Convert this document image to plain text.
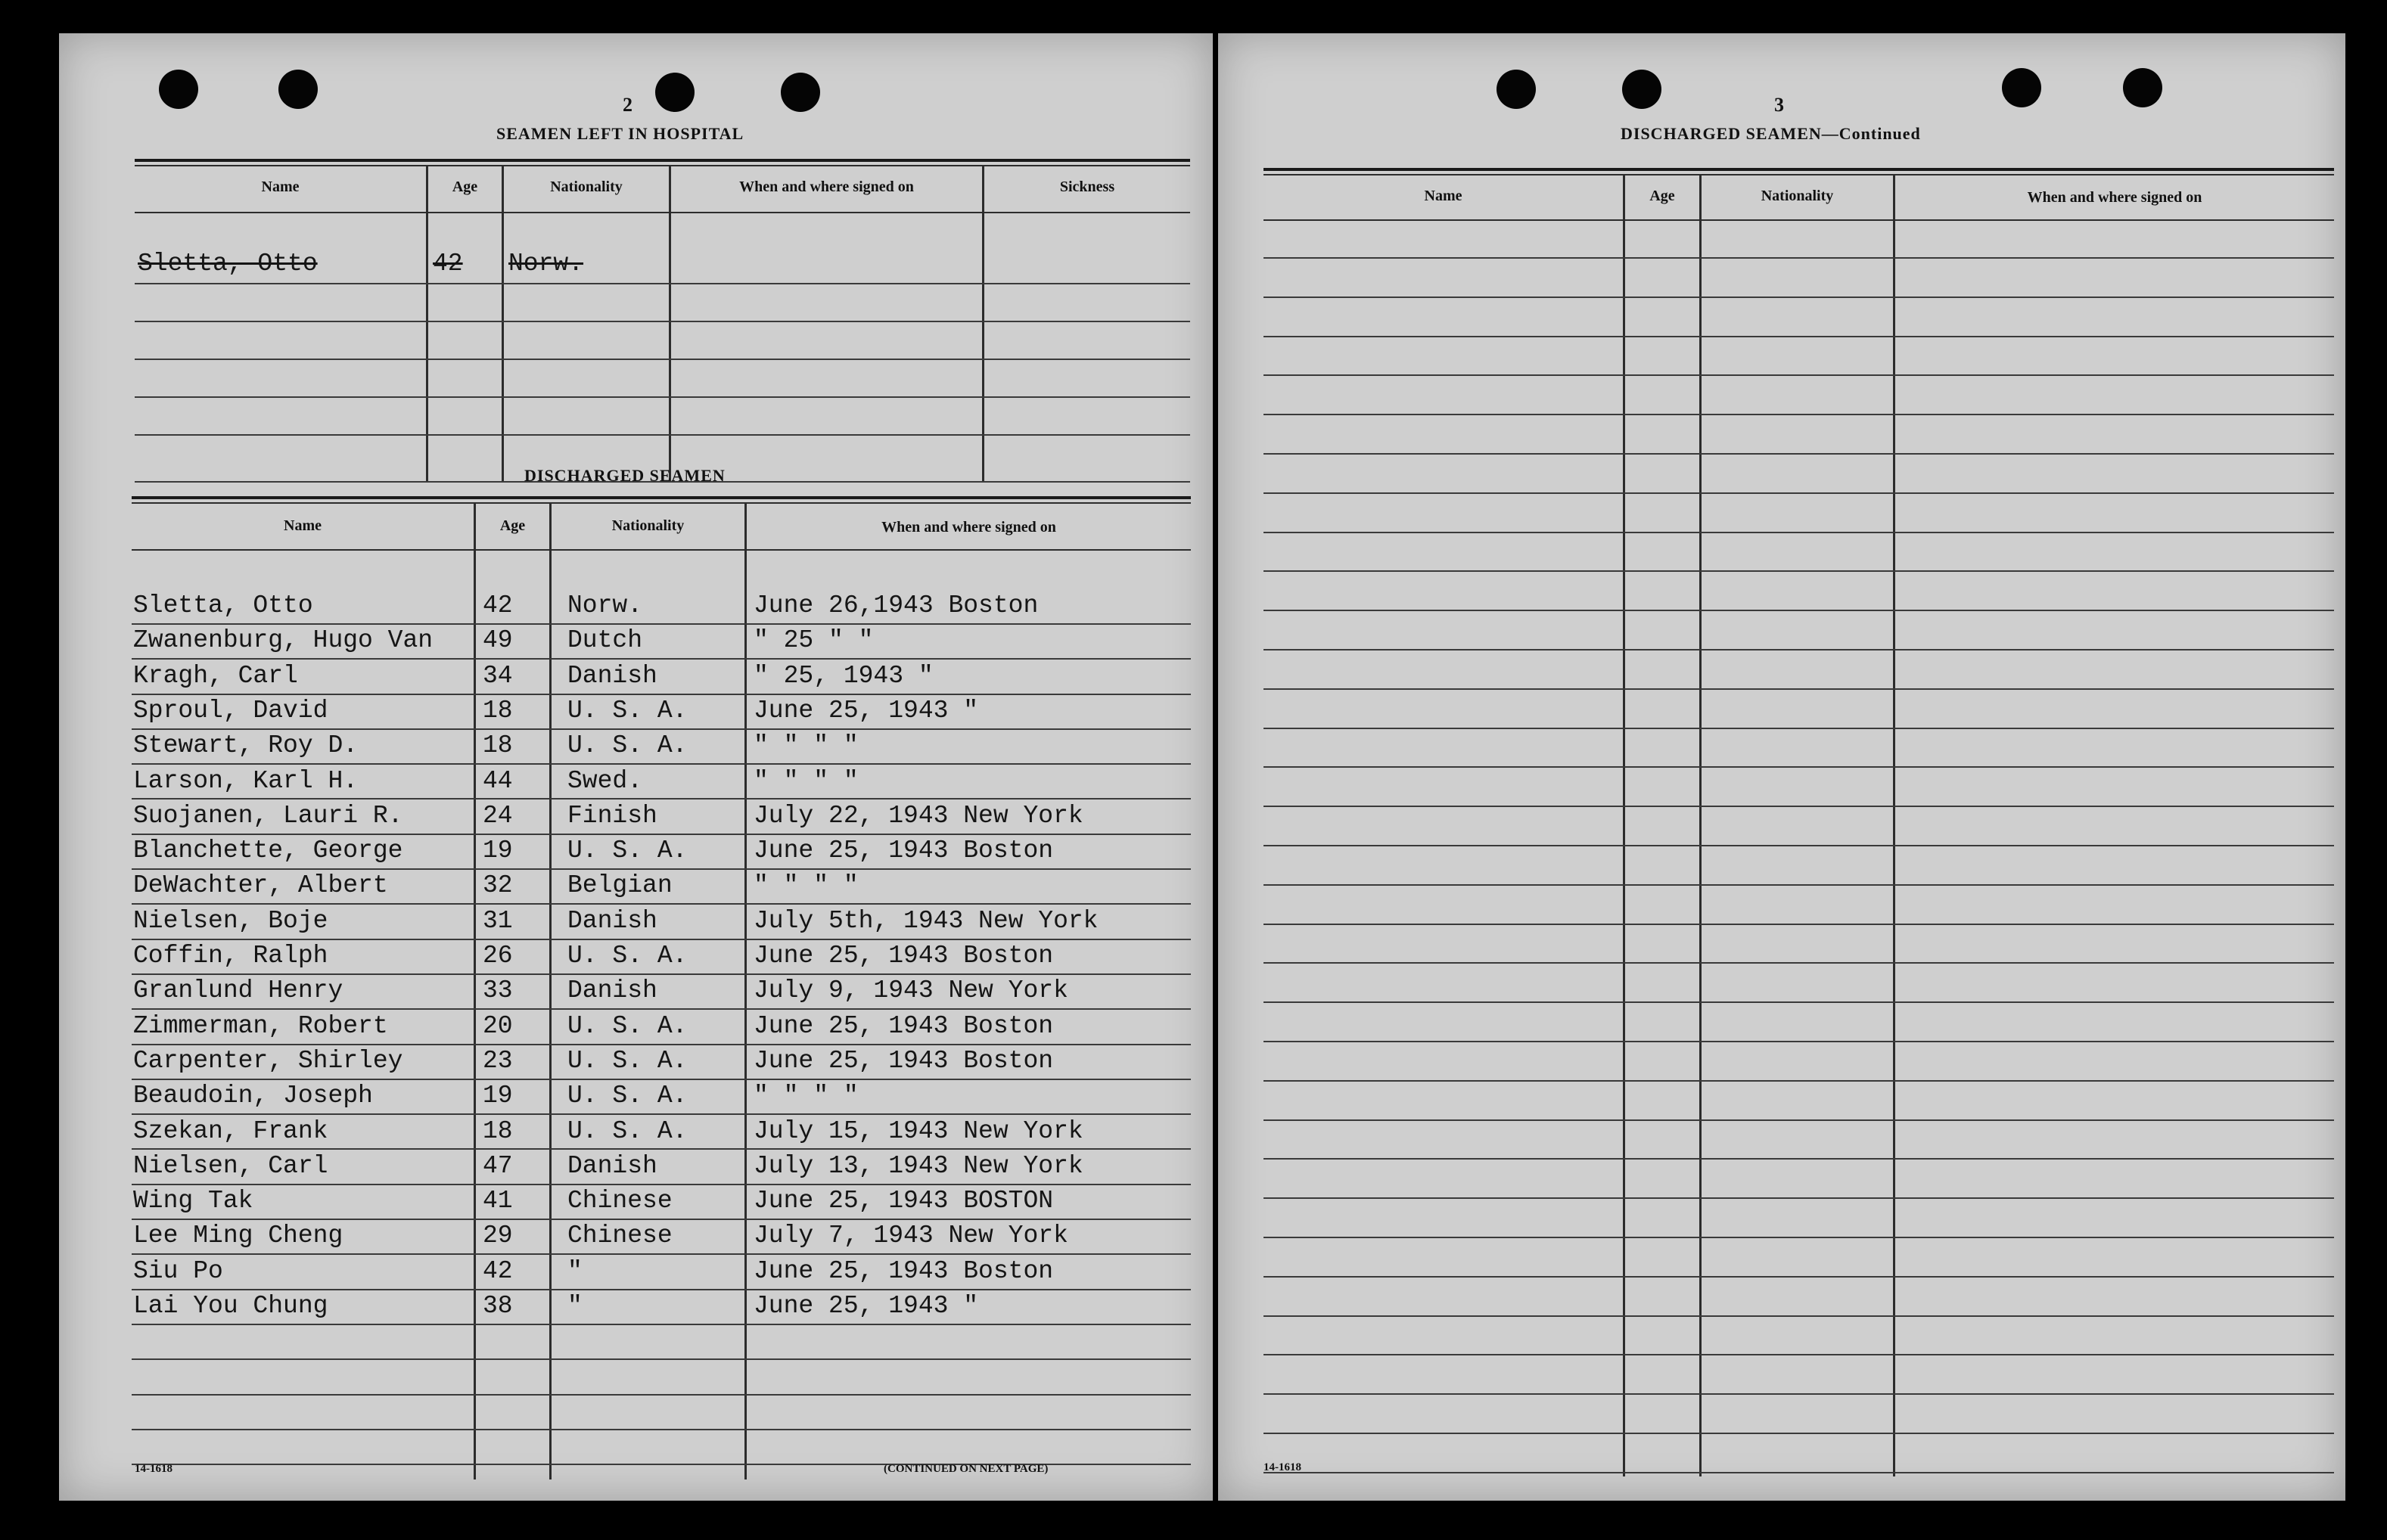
2
SEAMEN LEFT IN HOSPITAL
Name	Age	Nationality	When and where signed on	Sickness
Sletta, Otto	42 Norw.
DISCHARGED SEAMEN
Name	Age	Nationality	When and where signed on
Sletta, Otto	42 Norw.	June 26,1943 Boston
Zwanenburg, Hugo Van 49 Dutch	" 25 " "
Kragh, Carl	34 Danish	" 25, 1943 "
Sproul, David	18 U. S. A.	June 25, 1943 "
Stewart, Roy D.	18 U. S. A.	" " " "
Larson, Karl H.	44 Swed.	" " " "
Suojanen, Lauri R.	24 Finish	July 22, 1943 New York
Blanchette, George	19 U. S. A.	June 25, 1943 Boston
DeWachter, Albert	32 Belgian	" " " "
Nielsen, Boje	31 Danish	July 5th, 1943 New York
Coffin, Ralph	26 U. S. A.	June 25, 1943 Boston
Granlund Henry	33 Danish	July 9, 1943 New York
Zimmerman, Robert	20 U. S. A.	June 25, 1943 Boston
Carpenter, Shirley	23 U. S. A.	June 25, 1943 Boston
Beaudoin, Joseph	19 U. S. A.	" " " "
Szekan, Frank	18 U. S. A.	July 15, 1943 New York
Nielsen, Carl	47 Danish	July 13, 1943 New York
Wing Tak	41 Chinese	June 25, 1943 BOSTON
Lee Ming Cheng	29 Chinese	July 7, 1943 New York
Siu Po	42 "	June 25, 1943 Boston
Lai You Chung	38 "	June 25, 1943 "
14-1618	(CONTINUED ON NEXT PAGE)
3
DISCHARGED SEAMEN—Continued
Name	Age	Nationality	When and where signed on
14-1618
